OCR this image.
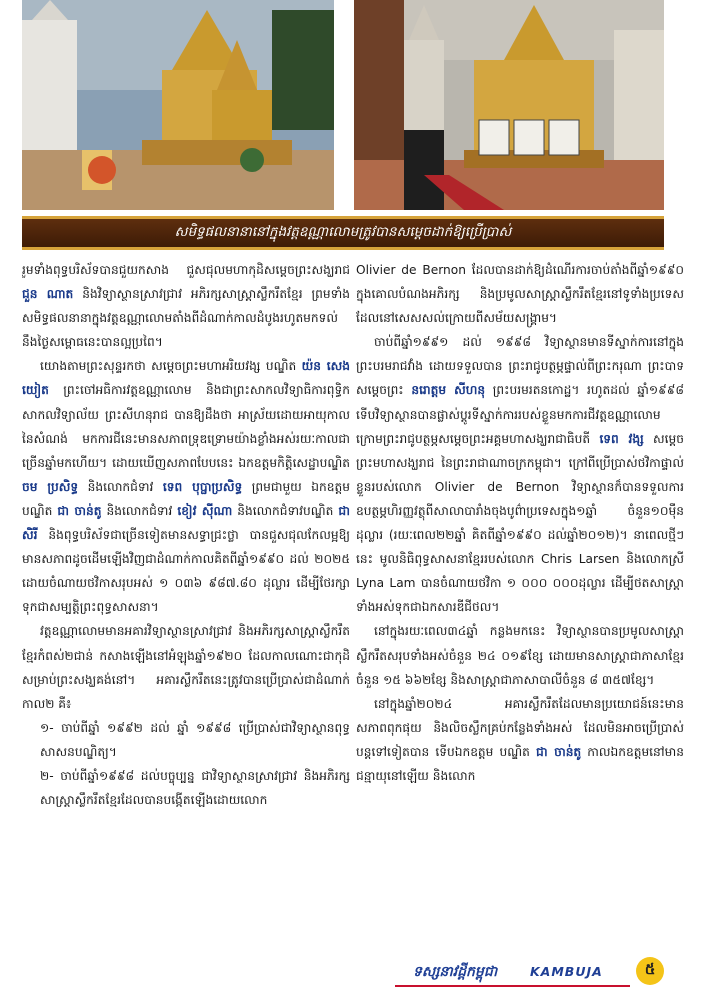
សមិទ្ធផលនានានៅក្នុងវត្តឧណ្ណាលោមត្រូវបានសម្ដេចដាក់ឱ្យប្រើប្រាស់

រួមទាំងពុទ្ធបរិស័ទបានជួយកសាង ជួសជុលមហាកុដិសម្ដេចព្រះសង្ឃរាជ ជួន ណាត និងវិទ្យាស្ថានស្រាវជ្រាវ អភិរក្សសាស្ត្រាស្លឹករឹតខ្មែរ ព្រមទាំងសមិទ្ធផលនានាក្នុងវត្តឧណ្ណាលោមតាំងពីដំណាក់កាលដំបូងរហូតមកទល់នឹងថ្ងៃសម្ពោធនេះបានល្អប្រពៃ។

យោងតាមព្រះសុន្ទរកថា សម្ដេចព្រះមហាអរិយវង្ស បណ្ឌិត យ៉ន សេង យៀត ព្រះចៅអធិការវត្តឧណ្ណាលោម និងជាព្រះសាកលវិទ្យាធិការពុទ្ធិកសាកលវិទ្យាល័យ ព្រះសីហនុរាជ បានឱ្យដឹងថា អាស្រ័យដោយអាយុកាលនៃសំណង់ មកការជីនេះមានសភាពទ្រុឌទ្រោមយ៉ាងខ្លាំងអស់រយៈកាលជាច្រើនឆ្នាំមកហើយ។ ដោយឃើញសភាពបែបនេះ ឯកឧត្ដមកិត្តិសេដ្ឋាបណ្ឌិត ចម ប្រសិទ្ធ និងលោកជំទាវ ទេព បុប្ផាប្រសិទ្ធ ព្រមជាមួយ ឯកឧត្តម បណ្ឌិត ជា ចាន់តូ និងលោកជំទាវ ខៀវ ស៊ីណា និងលោកជំទាវបណ្ឌិត ជា សិរី និងពុទ្ធបរិស័ទជាច្រើនទៀតមានសទ្ធាជ្រះថ្លា បានជួសជុលកែលម្អឱ្យមានសភាពដូចដើមឡើងវិញជាដំណាក់កាលគិតពីឆ្នាំ១៩៩០ ដល់ ២០២៥ ដោយចំណាយថវិកាសរុបអស់ ១ ០៣៦ ៩៨៧.៨០ ដុល្លារ ដើម្បីថែរក្សាទុកជាសម្បត្តិព្រះពុទ្ធសាសនា។

វត្តឧណ្ណាលោមមានអគារវិទ្យាស្ថានស្រាវជ្រាវ និងអភិរក្សសាស្ត្រាស្លឹករឹតខ្មែរកំពស់២ជាន់ កសាងឡើងនៅអំឡុងឆ្នាំ១៩២០ ដែលកាលណោះជាកុដិសម្រាប់ព្រះសង្ឃគង់នៅ។ អគារស្លឹករឹតនេះត្រូវបានប្រើប្រាស់ជាដំណាក់កាល២ គឺ៖

១- ចាប់ពីឆ្នាំ ១៩៩២ ដល់ ឆ្នាំ ១៩៩៨ ប្រើប្រាស់ជាវិទ្យាស្ថានពុទ្ធសាសនបណ្ឌិត្យ។

២- ចាប់ពីឆ្នាំ១៩៩៨ ដល់បច្ចុប្បន្ន ជាវិទ្យាស្ថានស្រាវជ្រាវ និងអភិរក្សសាស្ត្រាស្លឹករឹតខ្មែរដែលបានបង្កើតឡើងដោយលោក

Olivier de Bernon ដែលបានដាក់ឱ្យដំណើរការចាប់តាំងពីឆ្នាំ១៩៩០ ក្នុងគោលបំណងអភិរក្ស និងប្រមូលសាស្ត្រាស្លឹករឹតខ្មែរនៅទូទាំងប្រទេស ដែលនៅសេសសល់ក្រោយពីសម័យសង្គ្រាម។

ចាប់ពីឆ្នាំ១៩៩១ ដល់ ១៩៩៨ វិទ្យាស្ថានមានទីស្នាក់ការនៅក្នុងព្រះបរមរាជវាំង ដោយទទួលបាន ព្រះរាជូបត្ថម្ភផ្ទាល់ពីព្រះករុណា ព្រះបាទសម្ដេចព្រះ នរោត្តម សីហនុ ព្រះបរមរតនកោដ្ឋ។ រហូតដល់ ឆ្នាំ១៩៩៨ ទើបវិទ្យាស្ថានបានផ្លាស់ប្ដូរទីស្នាក់ការរបស់ខ្លួនមកការជីវត្តឧណ្ណាលោម ក្រោមព្រះរាជូបត្ថម្ភសម្ដេចព្រះអគ្គមហាសង្ឃរាជាធិបតី ទេព វង្ស សម្ដេចព្រះមហាសង្ឃរាជ នៃព្រះរាជាណាចក្រកម្ពុជា។ ក្រៅពីប្រើប្រាស់ថវិកាផ្ទាល់ខ្លួនរបស់លោក Olivier de Bernon វិទ្យាស្ថានក៏បានទទួលការឧបត្ថម្ភហិរញ្ញវត្ថុពីសាលាបារាំងចុងបូព៌ាប្រទេសក្នុង១ឆ្នាំ ចំនួន១០ម៉ឺនដុល្លារ (រយៈពេល២២ឆ្នាំ គិតពីឆ្នាំ១៩៩០ ដល់ឆ្នាំ២០១២)។ នាពេលថ្មីៗនេះ មូលនិធិពុទ្ធសាសនាខ្មែររបស់លោក Chris Larsen និងលោកស្រី Lyna Lam បានចំណាយថវិកា ១ ០០០ ០០០ដុល្លារ ដើម្បីថតសាស្ត្រាទាំងអស់ទុកជាឯកសារឌីជីថល។

នៅក្នុងរយៈពេល៣៤ឆ្នាំ កន្លងមកនេះ វិទ្យាស្ថានបានប្រមូលសាស្ត្រាស្លឹករឹតសរុបទាំងអស់ចំនួន ២៤ ០១៩ខ្សែ ដោយមានសាស្ត្រាជាភាសាខ្មែរចំនួន ១៥ ៦៦២ខ្សែ និងសាស្ត្រាជាភាសាបាលីចំនួន ៨ ៣៥៧ខ្សែ។

នៅក្នុងឆ្នាំ២០២៤ អគារស្លឹករឹតដែលមានប្រយោជន៍នេះមានសភាពពុកផុយ និងលិចស្លឹកគ្រប់កន្លែងទាំងអស់ ដែលមិនអាចប្រើប្រាស់បន្តទៅទៀតបាន ទើបឯកឧត្តម បណ្ឌិត ជា ចាន់តូ កាលឯកឧត្តមនៅមានជន្មាយុនៅឡើយ និងលោក

ទស្សនាវដ្ដីកម្ពុជា	KAMBUJA	៥
